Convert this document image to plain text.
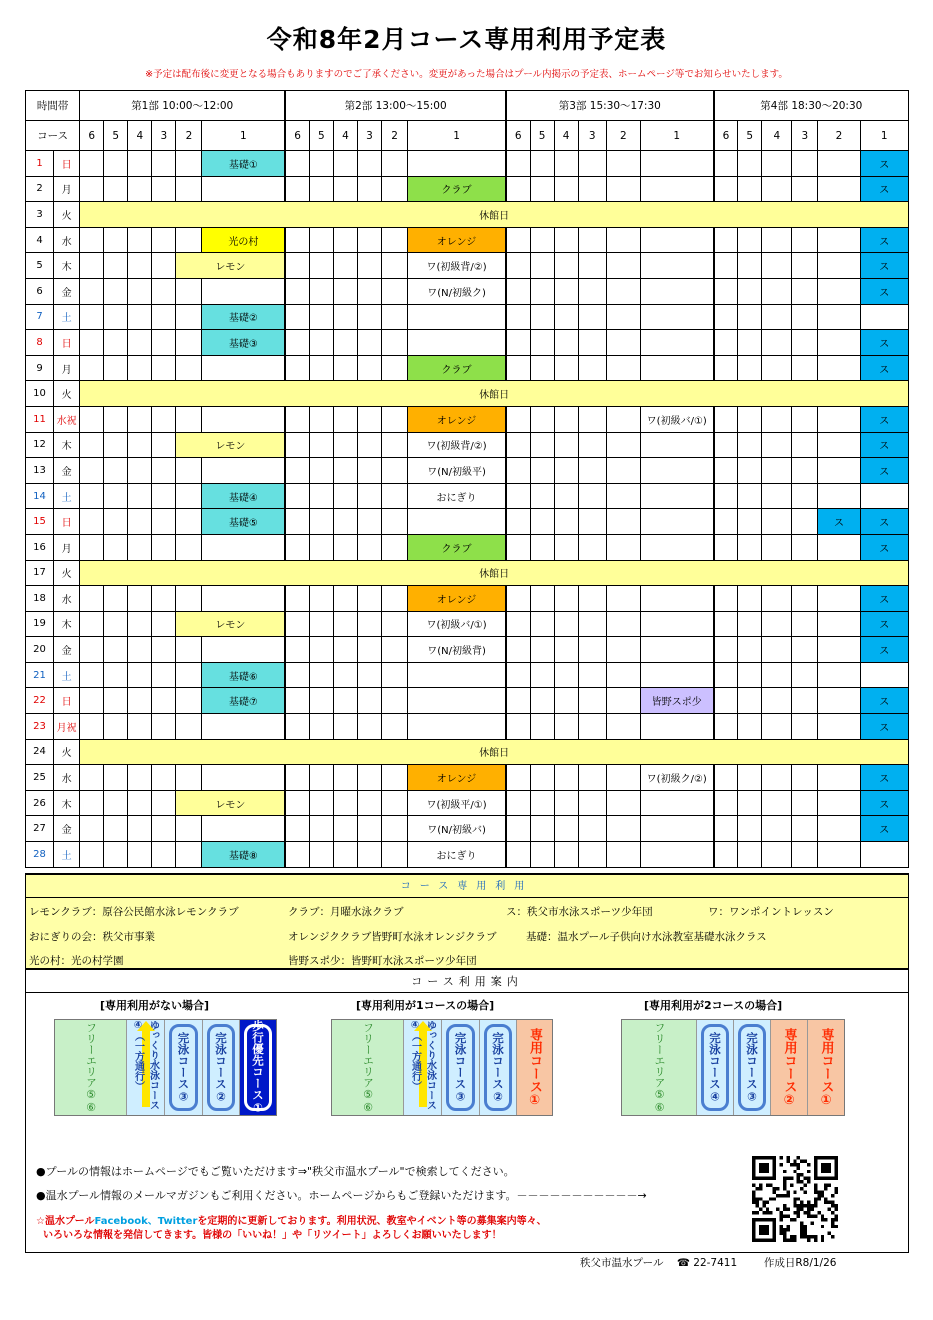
令和8年2月コース専用利用予定表
※予定は配布後に変更となる場合もありますのでご了承ください。変更があった場合はプール内掲示の予定表、ホームページ等でお知らせいたします。
時間帯		第1部 10:00～12:00						第2部 13:00～15:00						第3部 15:30～17:30						第4部 18:30～20:30					
コース		6	5	4	3	2	1	6	5	4	3	2	1	6	5	4	3	2	1	6	5	4	3	2	1
1	日						基礎①																		ス
2	月												クラブ												ス
3	火	休館日																							
4	水						光の村						オレンジ												ス
5	木					レモン							ワ(初級背/②)												ス
6	金												ワ(N/初級ク)												ス
7	土						基礎②																		
8	日						基礎③																		ス
9	月												クラブ												ス
10	火	休館日																							
11	水祝												オレンジ						ワ(初級バ/①)						ス
12	木					レモン							ワ(初級背/②)												ス
13	金												ワ(N/初級平)												ス
14	土						基礎④						おにぎり												
15	日						基礎⑤																	ス	ス
16	月												クラブ												ス
17	火	休館日																							
18	水												オレンジ												ス
19	木					レモン							ワ(初級バ/①)												ス
20	金												ワ(N/初級背)												ス
21	土						基礎⑥																		
22	日						基礎⑦												皆野スポ少						ス
23	月祝																								ス
24	火	休館日																							
25	水												オレンジ						ワ(初級ク/②)						ス
26	木					レモン							ワ(初級平/①)												ス
27	金												ワ(N/初級バ)												ス
28	土						基礎⑧						おにぎり												
コース専用利用
レモンクラブ：原谷公民館水泳レモンクラブ	クラブ：月曜水泳クラブ	ス：秩父市水泳スポーツ少年団	ワ：ワンポイントレッスン
おにぎりの会：秩父市事業	オレンジククラブ皆野町水泳オレンジクラブ	基礎：温水プール子供向け水泳教室基礎水泳クラス
光の村：光の村学園	皆野スポ少：皆野町水泳スポーツ少年団
コース利用案内
[専用利用がない場合]
フリーエリア⑤⑥	ゆっくり水泳コース④（一方通行）	完泳コース③ 完泳コース② 歩行優先コース①
[専用利用が1コースの場合]
フリーエリア⑤⑥	ゆっくり水泳コース④（一方通行）	完泳コース③ 完泳コース② 専用コース①
[専用利用が2コースの場合]
フリーエリア⑤⑥	完泳コース④ 完泳コース③ 専用コース② 専用コース①
●プールの情報はホームページでもご覧いただけます⇒"秩父市温水プール"で検索してください。
●温水プール情報のメールマガジンもご利用ください。ホームページからもご登録いただけます。－－－－－－－－－－－→
☆温水プールFacebook、Twitterを定期的に更新しております。利用状況、教室やイベント等の募集案内等々、
いろいろな情報を発信してきます。皆様の「いいね！」や「リツイート」よろしくお願いいたします！
秩父市温水プール ☎ 22-7411	作成日R8/1/26
